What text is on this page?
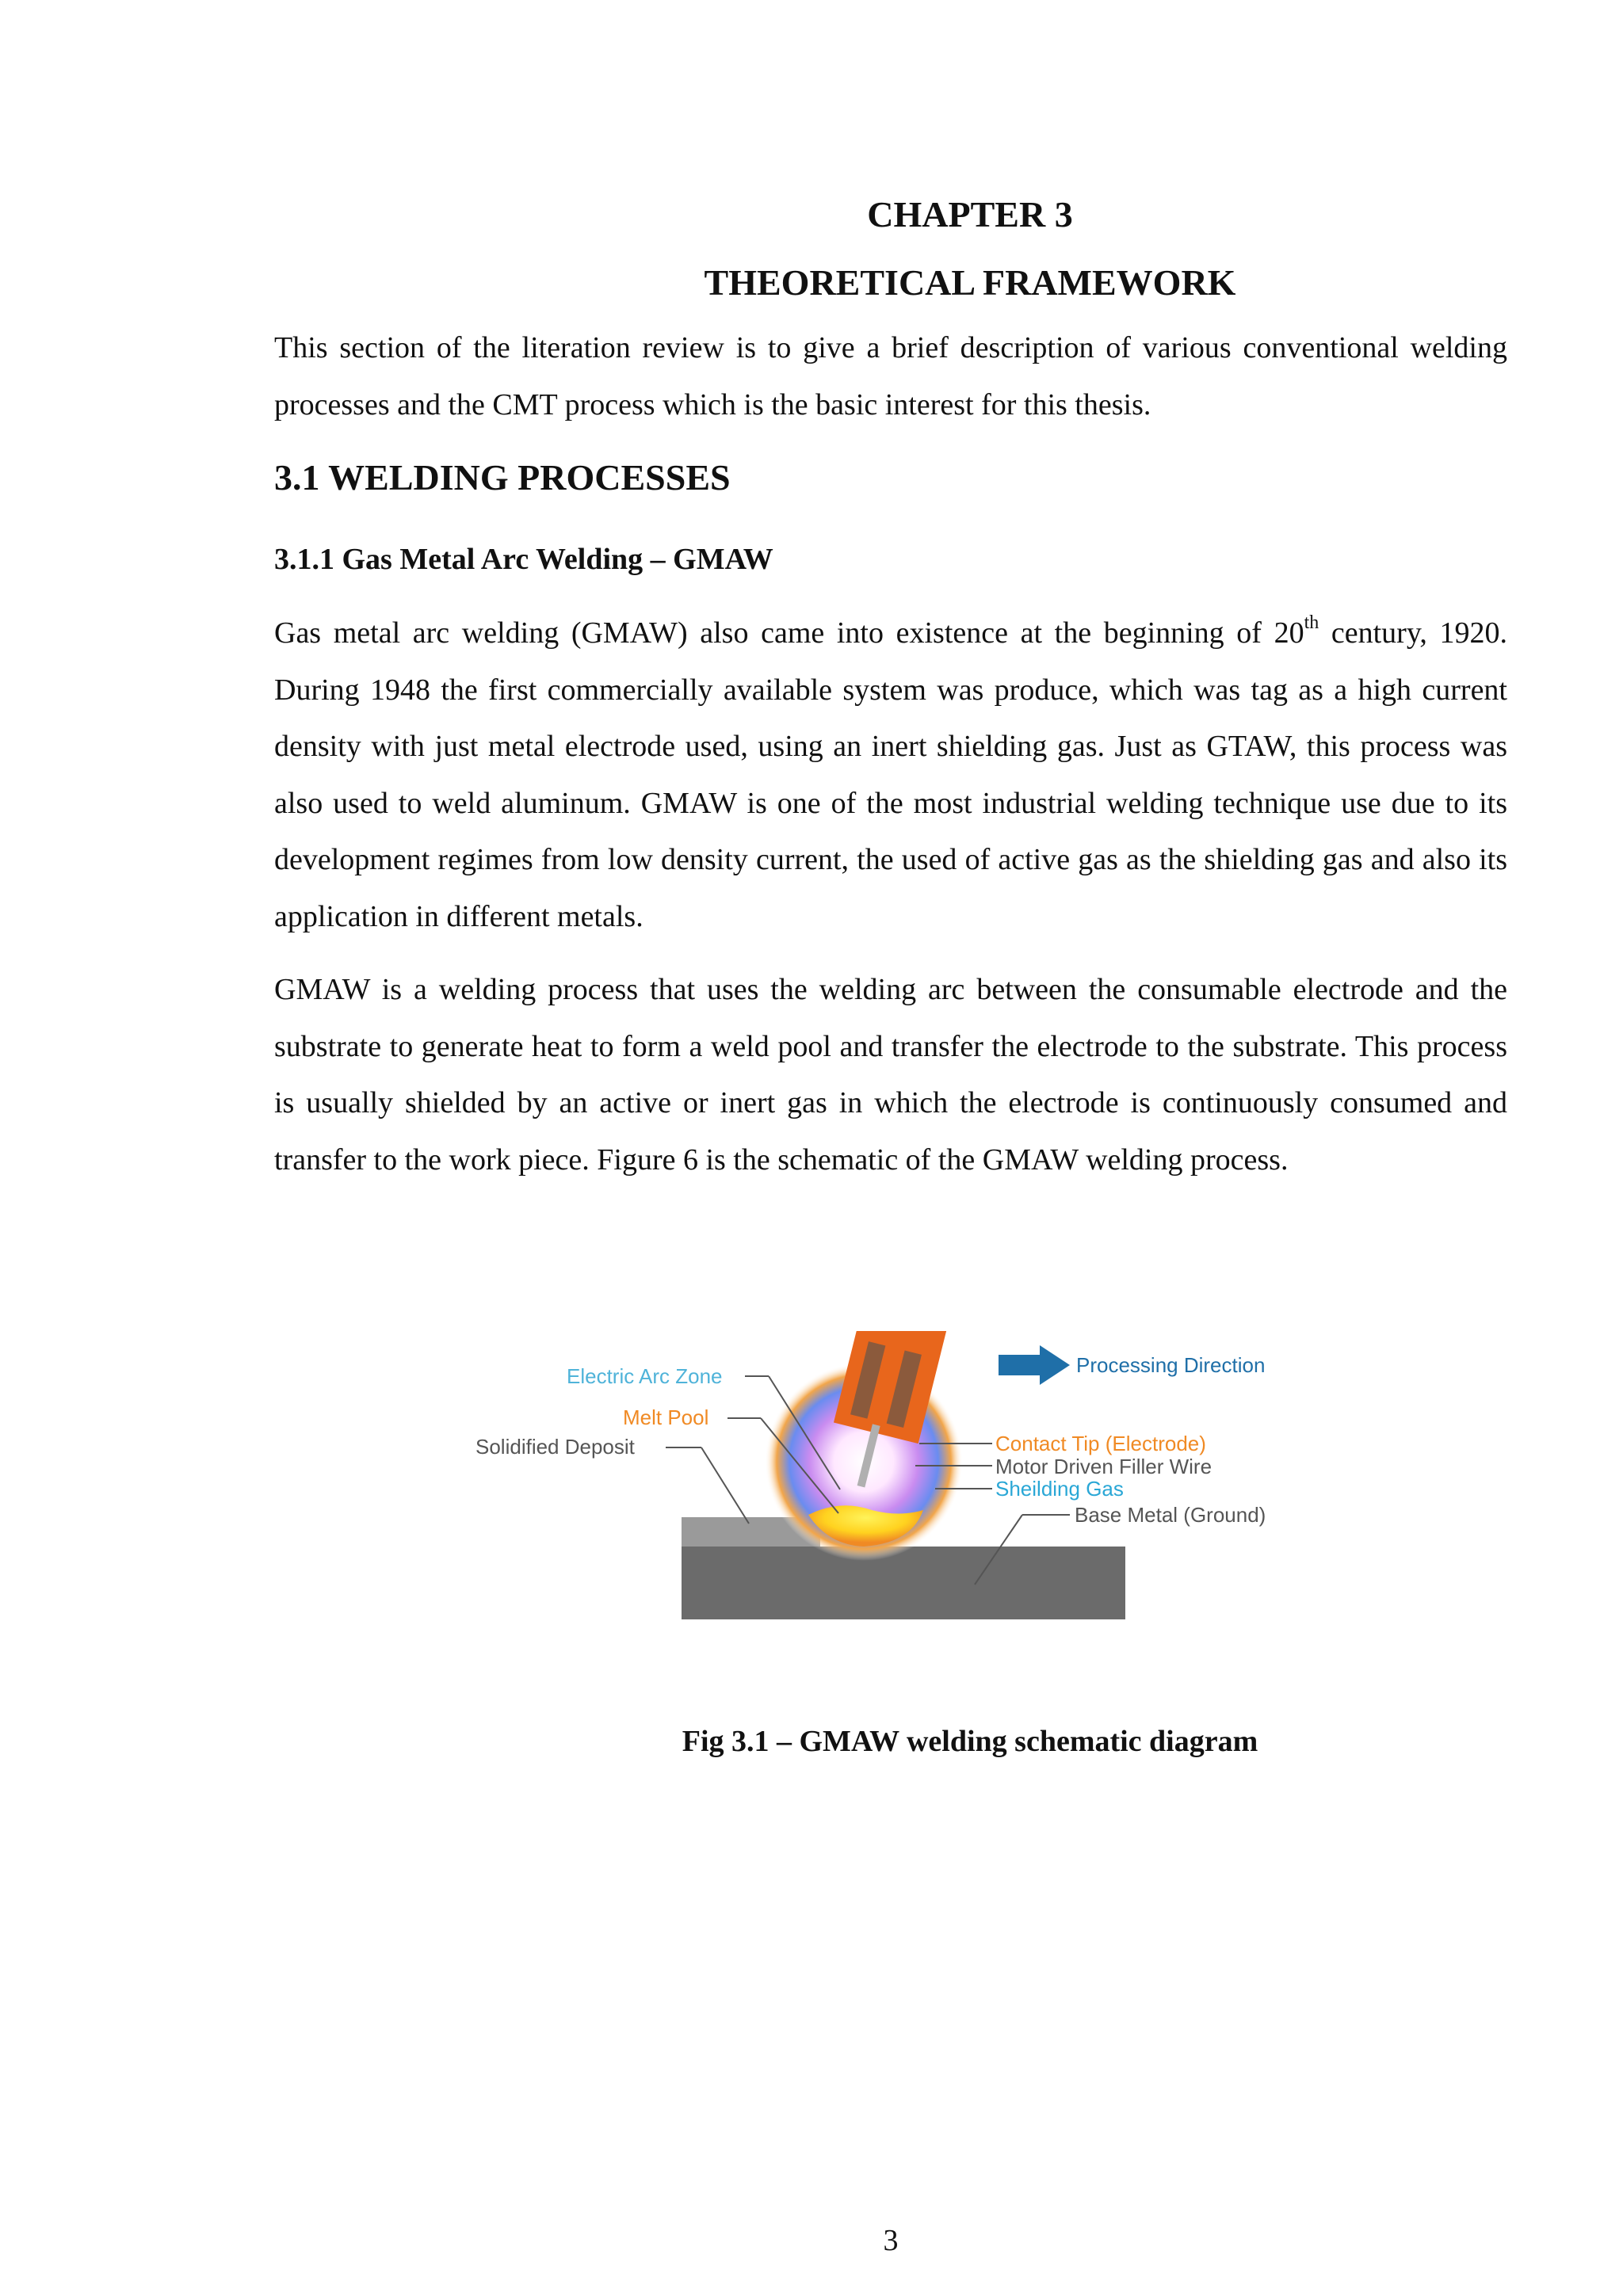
CHAPTER 3
THEORETICAL FRAMEWORK

This section of the literation review is to give a brief description of various conventional welding processes and the CMT process which is the basic interest for this thesis.

3.1 WELDING PROCESSES
3.1.1 Gas Metal Arc Welding – GMAW

Gas metal arc welding (GMAW) also came into existence at the beginning of 20th century, 1920. During 1948 the first commercially available system was produce, which was tag as a high current density with just metal electrode used, using an inert shielding gas. Just as GTAW, this process was also used to weld aluminum. GMAW is one of the most industrial welding technique use due to its development regimes from low density current, the used of active gas as the shielding gas and also its application in different metals.

GMAW is a welding process that uses the welding arc between the consumable electrode and the substrate to generate heat to form a weld pool and transfer the electrode to the substrate. This process is usually shielded by an active or inert gas in which the electrode is continuously consumed and transfer to the work piece. Figure 6 is the schematic of the GMAW welding process.

Electric Arc Zone
Melt Pool
Solidified Deposit
Processing Direction
Contact Tip (Electrode)
Motor Driven Filler Wire
Sheilding Gas
Base Metal (Ground)
Fig 3.1 – GMAW welding schematic diagram
3
